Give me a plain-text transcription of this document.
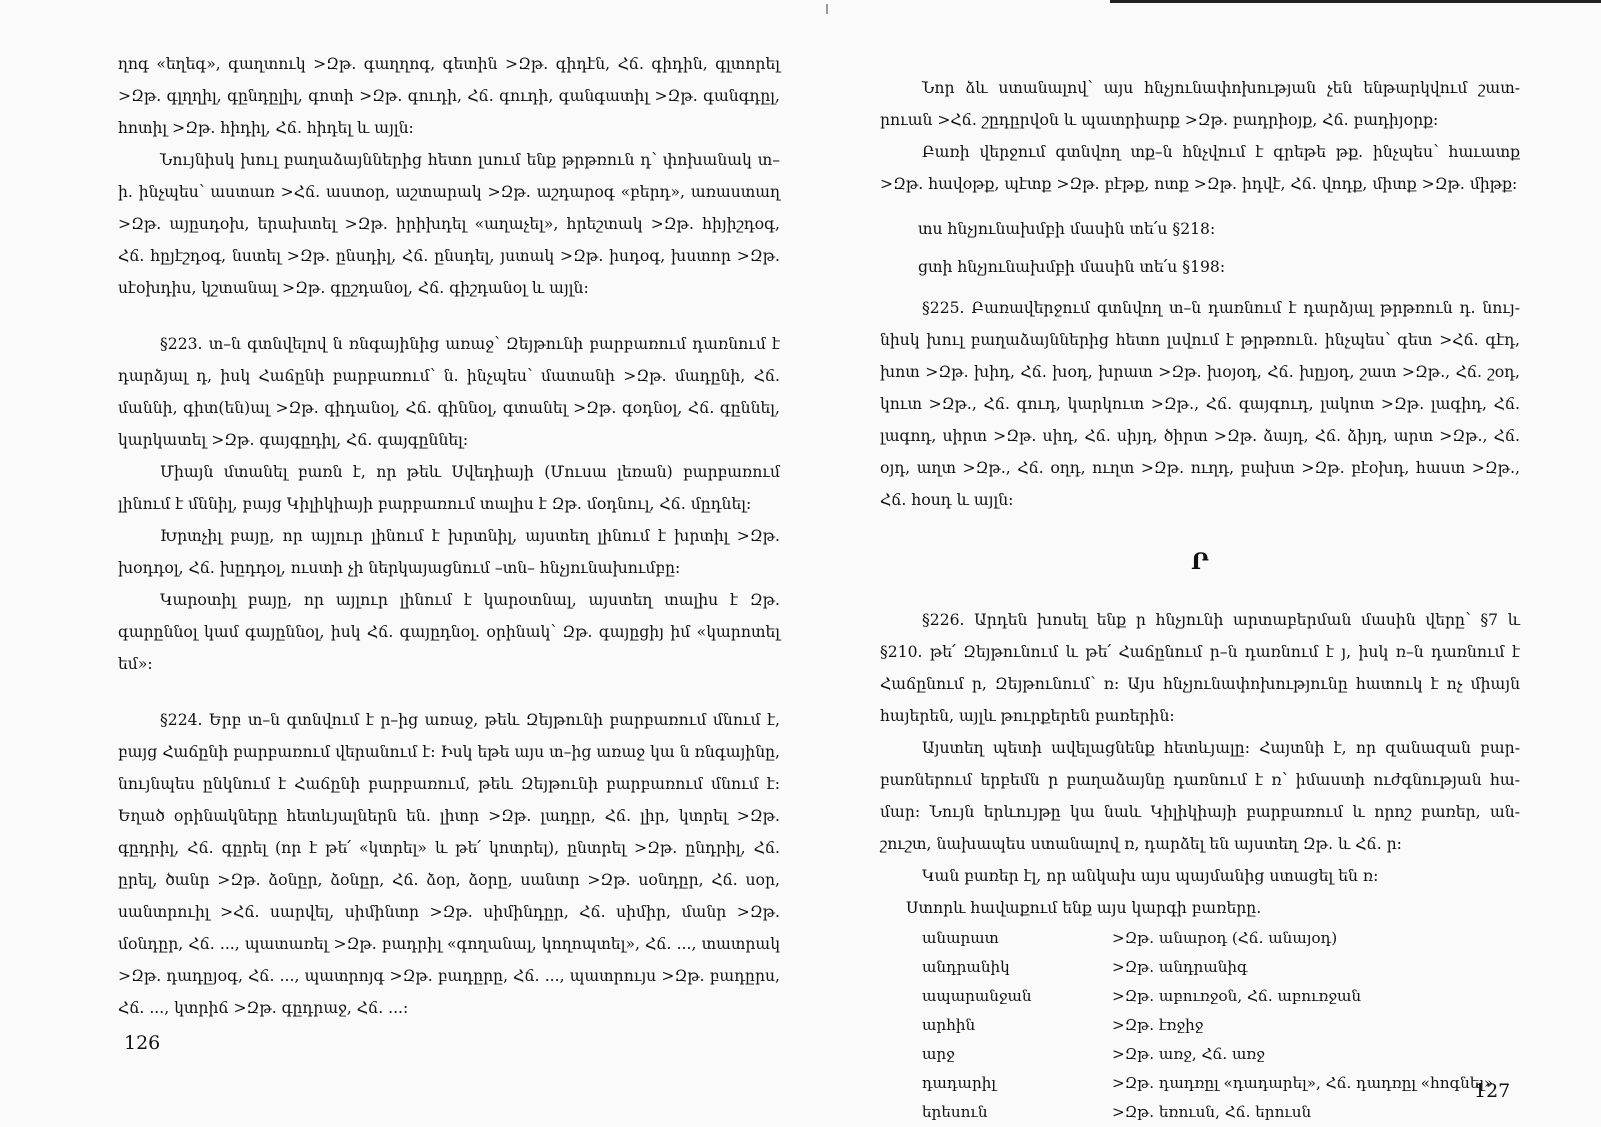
ղոգ «եղեգ», գաղտուկ >Զթ. գաղղոգ, գետին >Զթ. գիդէն, Հճ. գիդին, գլտորել >Զթ. գլղղիլ, գընդըլիլ, գոտի >Զթ. գուդի, Հճ. գուդի, գանգատիլ >Զթ. գանգդըլ, հոտիլ >Զթ. հիդիլ, Հճ. հիդել և այլն:

Նույնիսկ խուլ բաղաձայններից հետո լսում ենք թրթռուն դ՝ փոխանակ տ–ի. ինչպես՝ աստառ >Հճ. աստօր, աշտարակ >Զթ. աշդարօգ «բերդ», առաստաղ >Զթ. այըսդօխ, երախտել >Զթ. իրիխդել «աղաչել», հրեշտակ >Զթ. հիյիշդօգ, Հճ. հըյէշդօգ, նստել >Զթ. ընսդիլ, Հճ. ընսդել, յստակ >Զթ. իսդօգ, խստոր >Զթ. սէօխդիս, կշտանալ >Զթ. գըշդանօլ, Հճ. գիշդանօլ և այլն:

§223. տ–ն գտնվելով ն ռնգայինից առաջ՝ Զեյթունի բարբառում դառնում է դարձյալ դ, իսկ Հաճընի բարբառում՝ ն. ինչպես՝ մատանի >Զթ. մադընի, Հճ. մաննի, գիտ(են)ալ >Զթ. գիդանօլ, Հճ. գիննօլ, գտանել >Զթ. գօդնօլ, Հճ. գըննել, կարկատել >Զթ. գայգըդիլ, Հճ. գայգըննել:

Միայն մտանել բառն է, որ թեև Սվեդիայի (Մուսա լեռան) բարբառում լինում է մննիլ, բայց Կիլիկիայի բարբառում տալիս է Զթ. մօդնուլ, Հճ. մըդնել:

Խրտչիլ բայը, որ այլուր լինում է խրտնիլ, այստեղ լինում է խրտիլ >Զթ. խօդդօլ, Հճ. խըդդօլ, ուստի չի ներկայացնում –տն– հնչյունախումբը:

Կարօտիլ բայը, որ այլուր լինում է կարօտնալ, այստեղ տալիս է Զթ. գարըննօլ կամ գայըննօլ, իսկ Հճ. գայըդնօլ. օրինակ՝ Զթ. գայըցիյ իմ «կարոտել եմ»:

§224. Երբ տ–ն գտնվում է ր–ից առաջ, թեև Զեյթունի բարբառում մնում է, բայց Հաճընի բարբառում վերանում է: Իսկ եթե այս տ–ից առաջ կա ն ռնգայինը, նույնպես ընկնում է Հաճընի բարբառում, թեև Զեյթունի բարբառում մնում է: Եղած օրինակները հետևյալներն են. լիտր >Զթ. լադըր, Հճ. լիր, կտրել >Զթ. գըդրիլ, Հճ. գըրել (որ է թե՛ «կտրել» և թե՛ կոտրել), ընտրել >Զթ. ընդրիլ, Հճ. ըրել, ծանր >Զթ. ձօնըր, ձօնըր, Հճ. ձօր, ձօրը, սանտր >Զթ. սօնդըր, Հճ. սօր, սանտրուիլ >Հճ. սարվել, սիմինտր >Զթ. սիմինդըր, Հճ. սիմիր, մանր >Զթ. մօնդըր, Հճ. ..., պատառել >Զթ. բադրիլ «գողանալ, կողոպտել», Հճ. ..., տատրակ >Զթ. դադըյօգ, Հճ. ..., պատրոյգ >Զթ. բադըրը, Հճ. ..., պատրույս >Զթ. բադըրս, Հճ. ..., կտրիճ >Զթ. գըդրաջ, Հճ. ...:

126

Նոր ձև ստանալով՝ այս հնչյունափոխության չեն ենթարկվում շատրուան >Հճ. շըդըրվօն և պատրիարք >Զթ. բադրիօյք, Հճ. բադիյօրք:

Բառի վերջում գտնվող տք–ն հնչվում է գրեթե թք. ինչպես՝ հաւատք >Զթ. հավօթք, պէտք >Զթ. բէթք, ոտք >Զթ. իդվէ, Հճ. վոդք, միտք >Զթ. միթք:

տս հնչյունախմբի մասին տե՛ս §218:
ցտի հնչյունախմբի մասին տե՛ս §198:

§225. Բառավերջում գտնվող տ–ն դառնում է դարձյալ թրթռուն դ. նույնիսկ խուլ բաղաձայններից հետո լսվում է թրթռուն. ինչպես՝ գետ >Հճ. գէդ, խոտ >Զթ. խիդ, Հճ. խօդ, խրատ >Զթ. խօյօդ, Հճ. խըյօդ, շատ >Զթ., Հճ. շօդ, կուտ >Զթ., Հճ. գուդ, կարկուտ >Զթ., Հճ. գայգուդ, լակոտ >Զթ. լագիդ, Հճ. լագոդ, սիրտ >Զթ. սիդ, Հճ. սիյդ, ծիրտ >Զթ. ձայդ, Հճ. ձիյդ, արտ >Զթ., Հճ. օյդ, աղտ >Զթ., Հճ. օղդ, ուղտ >Զթ. ուղդ, բախտ >Զթ. բէօխդ, հաստ >Զթ., Հճ. հօսդ և այլն:

Ր

§226. Արդեն խոսել ենք ր հնչյունի արտաբերման մասին վերը՝ §7 և §210. թե՛ Զեյթունում և թե՛ Հաճընում ր–ն դառնում է յ, իսկ ռ–ն դառնում է Հաճընում ր, Զեյթունում՝ ռ: Այս հնչյունափոխությունը հատուկ է ոչ միայն հայերեն, այլև թուրքերեն բառերին:

Այստեղ պետի ավելացնենք հետևյալը: Հայտնի է, որ զանազան բարբառներում երբեմն ր բաղաձայնը դառնում է ռ՝ իմաստի ուժգնության համար: Նույն երևույթը կա նաև Կիլիկիայի բարբառում և որոշ բառեր, անշուշտ, նախապես ստանալով ռ, դարձել են այստեղ Զթ. և Հճ. ր:

Կան բառեր էլ, որ անկախ այս պայմանից ստացել են ռ:

Ստորև հավաքում ենք այս կարգի բառերը.

անարատ	>Զթ. անարօդ (Հճ. անայօդ)
անդրանիկ	>Զթ. անդրանիգ
ապարանջան	>Զթ. աբուռջօն, Հճ. աբուռջան
արհին	>Զթ. էռջիջ
արջ	>Զթ. առջ, Հճ. առջ
դադարիլ	>Զթ. դադռըլ «դադարել», Հճ. դադռըլ «հոգնել»
երեսուն	>Զթ. եռուսն, Հճ. երուսն
127
